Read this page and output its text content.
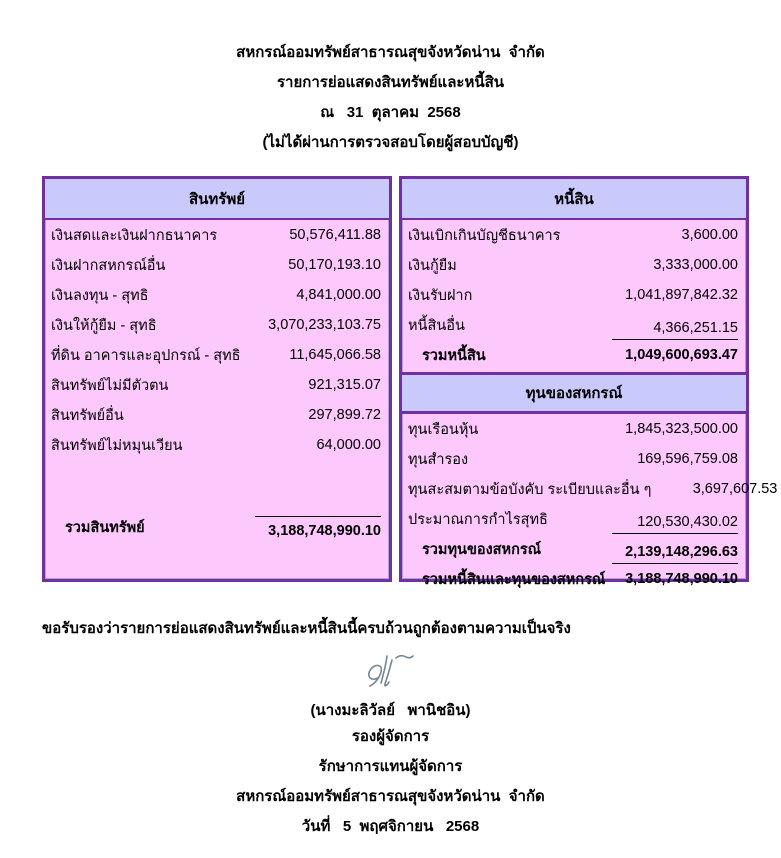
สหกรณ์ออมทรัพย์สาธารณสุขจังหวัดน่าน  จำกัด
รายการย่อแสดงสินทรัพย์และหนี้สิน
ณ   31  ตุลาคม  2568
(ไม่ได้ผ่านการตรวจสอบโดยผู้สอบบัญชี)
สินทรัพย์
เงินสดและเงินฝากธนาคาร	50,576,411.88
เงินฝากสหกรณ์อื่น	50,170,193.10
เงินลงทุน - สุทธิ	4,841,000.00
เงินให้กู้ยืม - สุทธิ	3,070,233,103.75
ที่ดิน อาคารและอุปกรณ์ - สุทธิ	11,645,066.58
สินทรัพย์ไม่มีตัวตน	921,315.07
สินทรัพย์อื่น	297,899.72
สินทรัพย์ไม่หมุนเวียน	64,000.00
รวมสินทรัพย์	3,188,748,990.10
หนี้สิน
เงินเบิกเกินบัญชีธนาคาร	3,600.00
เงินกู้ยืม	3,333,000.00
เงินรับฝาก	1,041,897,842.32
หนี้สินอื่น	4,366,251.15
รวมหนี้สิน	1,049,600,693.47
ทุนของสหกรณ์
ทุนเรือนหุ้น	1,845,323,500.00
ทุนสำรอง	169,596,759.08
ทุนสะสมตามข้อบังคับ ระเบียบและอื่น ๆ	3,697,607.53
ประมาณการกำไรสุทธิ	120,530,430.02
รวมทุนของสหกรณ์	2,139,148,296.63
รวมหนี้สินและทุนของสหกรณ์	3,188,748,990.10
ขอรับรองว่ารายการย่อแสดงสินทรัพย์และหนี้สินนี้ครบถ้วนถูกต้องตามความเป็นจริง
(นางมะลิวัลย์   พานิชอิน)
รองผู้จัดการ
รักษาการแทนผู้จัดการ
สหกรณ์ออมทรัพย์สาธารณสุขจังหวัดน่าน  จำกัด
วันที่   5  พฤศจิกายน   2568
